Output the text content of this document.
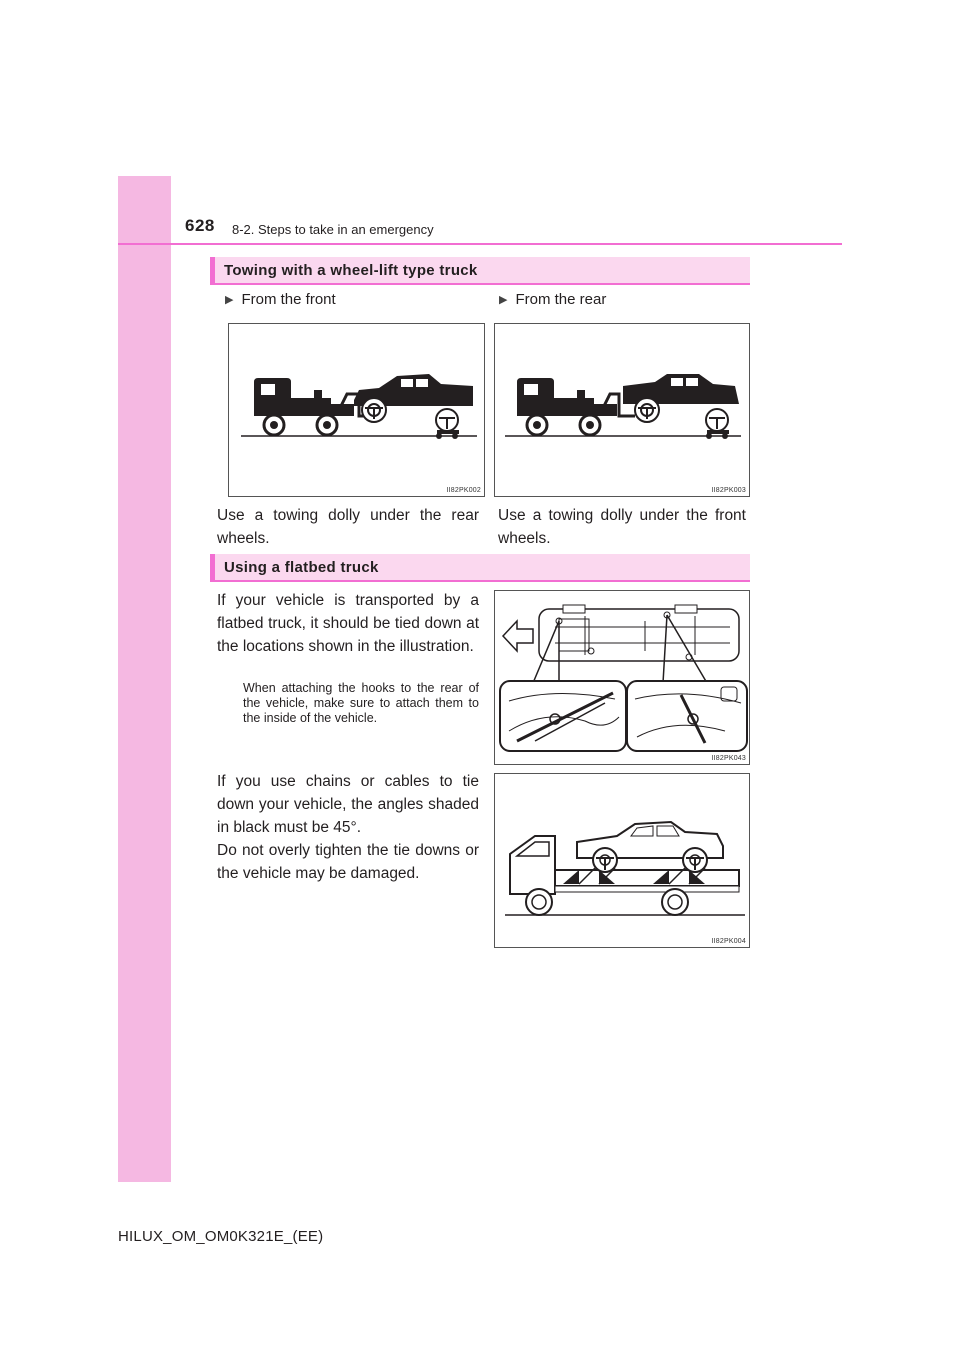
628 8-2. Steps to take in an emergency
Towing with a wheel-lift type truck
▶ From the front	▶ From the rear
II82PK002	II82PK003
Use a towing dolly under the rear wheels.
Use a towing dolly under the front wheels.
Using a flatbed truck
If your vehicle is transported by a flatbed truck, it should be tied down at the locations shown in the illustration.
When attaching the hooks to the rear of the vehicle, make sure to attach them to the inside of the vehicle.
If you use chains or cables to tie down your vehicle, the angles shaded in black must be 45°.
Do not overly tighten the tie downs or the vehicle may be damaged.
II82PK043
II82PK004
HILUX_OM_OM0K321E_(EE)
